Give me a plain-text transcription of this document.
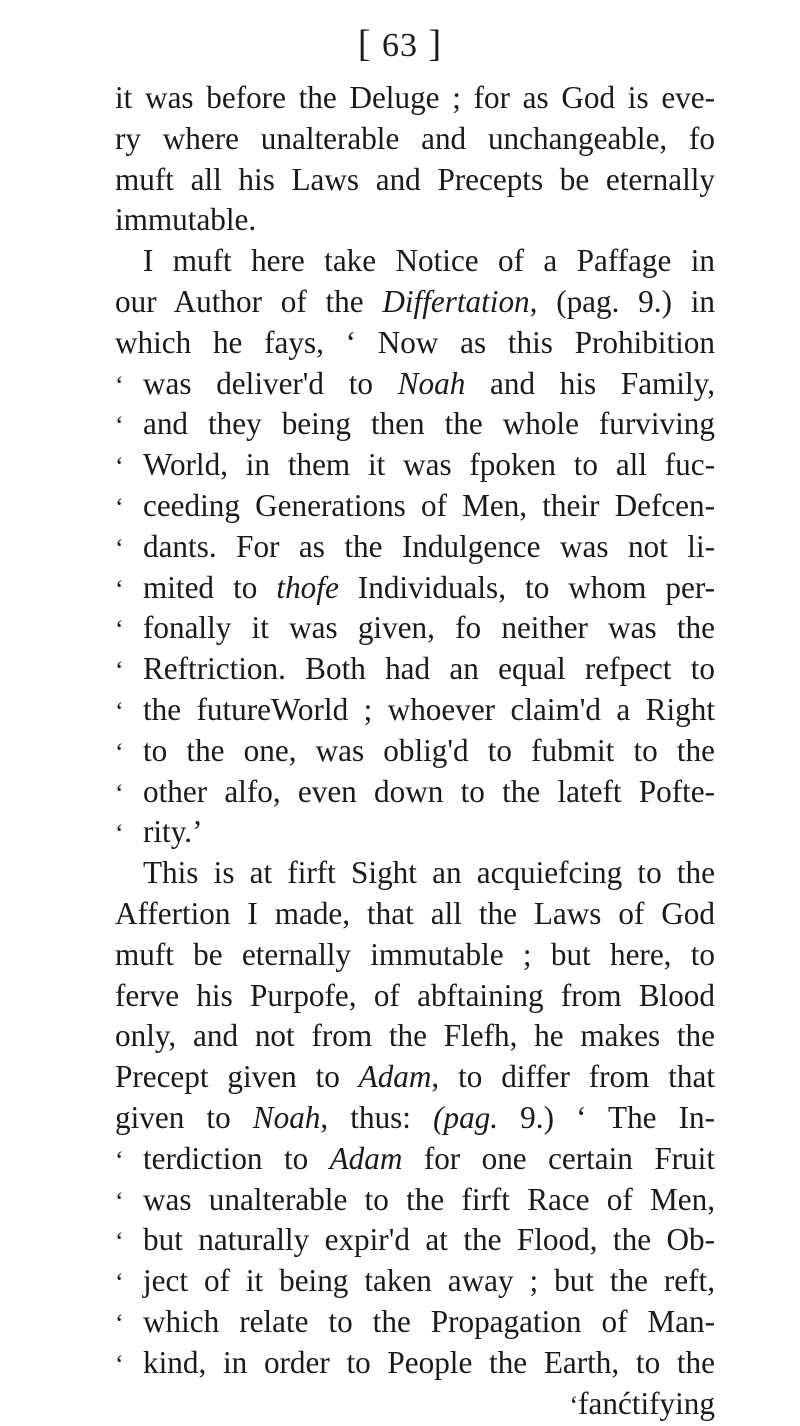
[ 63 ]
it was before the Deluge ; for as God is eve-
ry where unalterable and unchangeable, fo
muft all his Laws and Precepts be eternally
immutable.
I muft here take Notice of a Paffage in
our Author of the Differtation, (pag. 9.) in
which he fays, ‘ Now as this Prohibition
‘ was deliver'd to Noah and his Family,
‘ and they being then the whole furviving
‘ World, in them it was fpoken to all fuc-
‘ ceeding Generations of Men, their Defcen-
‘ dants. For as the Indulgence was not li-
‘ mited to thofe Individuals, to whom per-
‘ fonally it was given, fo neither was the
‘ Reftriction. Both had an equal refpect to
‘ the futureWorld ; whoever claim'd a Right
‘ to the one, was oblig'd to fubmit to the
‘ other alfo, even down to the lateft Pofte-
‘ rity.’
This is at firft Sight an acquiefcing to the
Affertion I made, that all the Laws of God
muft be eternally immutable ; but here, to
ferve his Purpofe, of abftaining from Blood
only, and not from the Flefh, he makes the
Precept given to Adam, to differ from that
given to Noah, thus: (pag. 9.) ‘ The In-
‘ terdiction to Adam for one certain Fruit
‘ was unalterable to the firft Race of Men,
‘ but naturally expir'd at the Flood, the Ob-
‘ ject of it being taken away ; but the reft,
‘ which relate to the Propagation of Man-
‘ kind, in order to People the Earth, to the
‘fanćtifying
